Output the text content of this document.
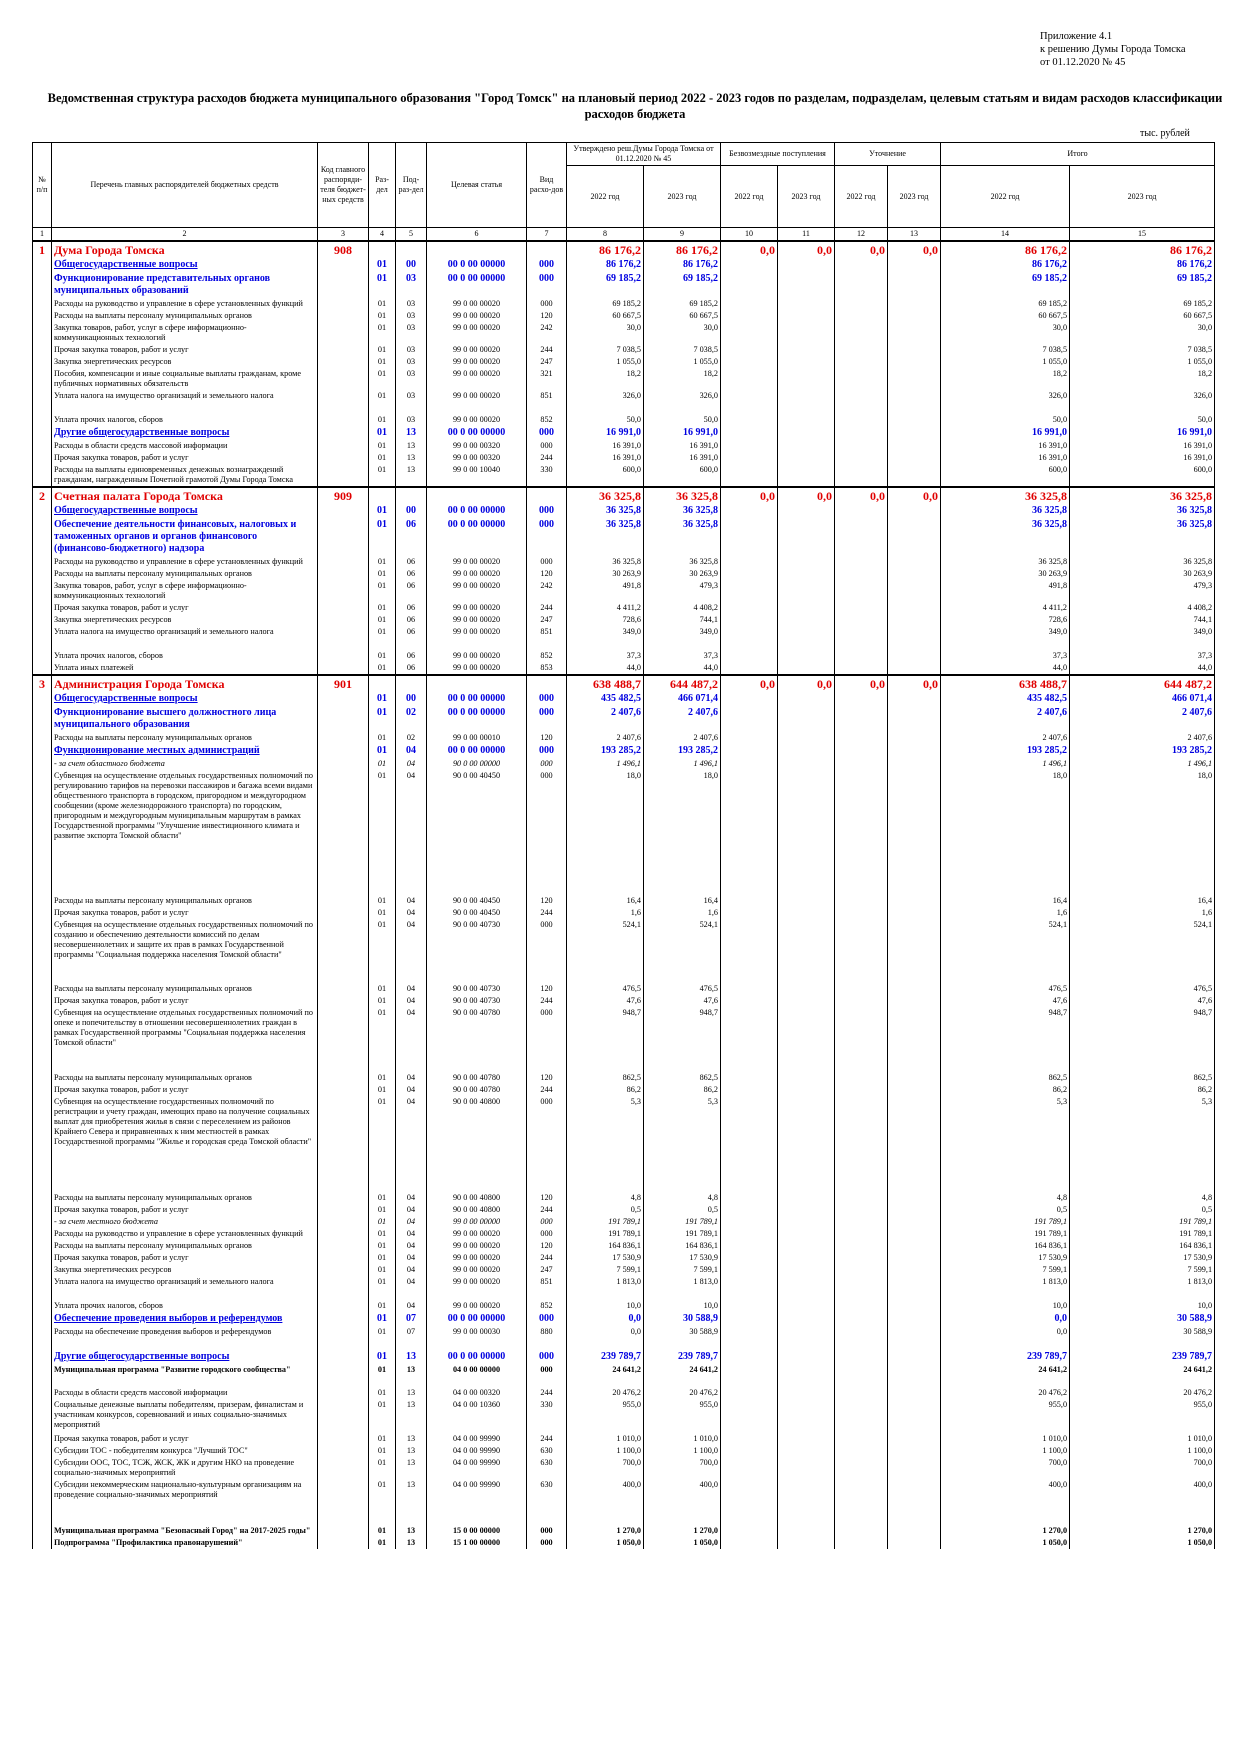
Приложение 4.1
к решению Думы Города Томска
от 01.12.2020 № 45
Ведомственная структура расходов бюджета муниципального образования "Город Томск" на плановый период 2022 - 2023 годов по разделам, подразделам, целевым статьям и видам расходов классификации расходов бюджета
тыс. рублей
№ п/п	Перечень главных распорядителей бюджетных средств	Код главного распоряди-теля бюджет-ных средств	Раз-дел	Под-раз-дел	Целевая статья	Вид расхо-дов	Утверждено реш.Думы Города Томска от 01.12.2020 № 45		Безвозмездные поступления		Уточнение		Итого	
							2022 год	2023 год	2022 год	2023 год	2022 год	2023 год	2022 год	2023 год
1	2	3	4	5	6	7	8	9	10	11	12	13	14	15
1	Дума Города Томска	908					86 176,2	86 176,2	0,0	0,0	0,0	0,0	86 176,2	86 176,2
	Общегосударственные вопросы		01	00	00 0 00 00000	000	86 176,2	86 176,2					86 176,2	86 176,2
	Функционирование представительных органов муниципальных образований		01	03	00 0 00 00000	000	69 185,2	69 185,2					69 185,2	69 185,2
	Расходы на руководство и управление в сфере установленных функций		01	03	99 0 00 00020	000	69 185,2	69 185,2					69 185,2	69 185,2
	Расходы на выплаты персоналу муниципальных органов		01	03	99 0 00 00020	120	60 667,5	60 667,5					60 667,5	60 667,5
	Закупка товаров, работ, услуг в сфере информационно-коммуникационных технологий		01	03	99 0 00 00020	242	30,0	30,0					30,0	30,0
	Прочая закупка товаров, работ и услуг		01	03	99 0 00 00020	244	7 038,5	7 038,5					7 038,5	7 038,5
	Закупка энергетических ресурсов		01	03	99 0 00 00020	247	1 055,0	1 055,0					1 055,0	1 055,0
	Пособия, компенсации и иные социальные выплаты гражданам, кроме публичных нормативных обязательств		01	03	99 0 00 00020	321	18,2	18,2					18,2	18,2
	Уплата налога на имущество организаций и земельного налога		01	03	99 0 00 00020	851	326,0	326,0					326,0	326,0
	Уплата прочих налогов, сборов		01	03	99 0 00 00020	852	50,0	50,0					50,0	50,0
	Другие общегосударственные вопросы		01	13	00 0 00 00000	000	16 991,0	16 991,0					16 991,0	16 991,0
	Расходы в области средств массовой информации		01	13	99 0 00 00320	000	16 391,0	16 391,0					16 391,0	16 391,0
	Прочая закупка товаров, работ и услуг		01	13	99 0 00 00320	244	16 391,0	16 391,0					16 391,0	16 391,0
	Расходы на выплаты единовременных денежных вознаграждений гражданам, награжденным Почетной грамотой Думы Города Томска		01	13	99 0 00 10040	330	600,0	600,0					600,0	600,0
2	Счетная палата Города Томска	909					36 325,8	36 325,8	0,0	0,0	0,0	0,0	36 325,8	36 325,8
	Общегосударственные вопросы		01	00	00 0 00 00000	000	36 325,8	36 325,8					36 325,8	36 325,8
	Обеспечение деятельности финансовых, налоговых и таможенных органов и органов финансового (финансово-бюджетного) надзора		01	06	00 0 00 00000	000	36 325,8	36 325,8					36 325,8	36 325,8
	Расходы на руководство и управление в сфере установленных функций		01	06	99 0 00 00020	000	36 325,8	36 325,8					36 325,8	36 325,8
	Расходы на выплаты персоналу муниципальных органов		01	06	99 0 00 00020	120	30 263,9	30 263,9					30 263,9	30 263,9
	Закупка товаров, работ, услуг в сфере информационно-коммуникационных технологий		01	06	99 0 00 00020	242	491,8	479,3					491,8	479,3
	Прочая закупка товаров, работ и услуг		01	06	99 0 00 00020	244	4 411,2	4 408,2					4 411,2	4 408,2
	Закупка энергетических ресурсов		01	06	99 0 00 00020	247	728,6	744,1					728,6	744,1
	Уплата налога на имущество организаций и земельного налога		01	06	99 0 00 00020	851	349,0	349,0					349,0	349,0
	Уплата прочих налогов, сборов		01	06	99 0 00 00020	852	37,3	37,3					37,3	37,3
	Уплата иных платежей		01	06	99 0 00 00020	853	44,0	44,0					44,0	44,0
3	Администрация Города Томска	901					638 488,7	644 487,2	0,0	0,0	0,0	0,0	638 488,7	644 487,2
	Общегосударственные вопросы		01	00	00 0 00 00000	000	435 482,5	466 071,4					435 482,5	466 071,4
	Функционирование высшего должностного лица муниципального образования		01	02	00 0 00 00000	000	2 407,6	2 407,6					2 407,6	2 407,6
	Расходы на выплаты персоналу муниципальных органов		01	02	99 0 00 00010	120	2 407,6	2 407,6					2 407,6	2 407,6
	Функционирование местных администраций		01	04	00 0 00 00000	000	193 285,2	193 285,2					193 285,2	193 285,2
	- за счет областного бюджета		01	04	90 0 00 00000	000	1 496,1	1 496,1					1 496,1	1 496,1
	Субвенция на осуществление отдельных государственных полномочий по регулированию тарифов на перевозки пассажиров и багажа всеми видами общественного транспорта в городском, пригородном и междугородном сообщении (кроме железнодорожного транспорта) по городским, пригородным и междугородным муниципальным маршрутам в рамках Государственной программы "Улучшение инвестиционного климата и развитие экспорта Томской области"		01	04	90 0 00 40450	000	18,0	18,0					18,0	18,0
	Расходы на выплаты персоналу муниципальных органов		01	04	90 0 00 40450	120	16,4	16,4					16,4	16,4
	Прочая закупка товаров, работ и услуг		01	04	90 0 00 40450	244	1,6	1,6					1,6	1,6
	Субвенция на осуществление отдельных государственных полномочий по созданию и обеспечению деятельности комиссий по делам несовершеннолетних и защите их прав в рамках Государственной программы "Социальная поддержка населения Томской области"		01	04	90 0 00 40730	000	524,1	524,1					524,1	524,1
	Расходы на выплаты персоналу муниципальных органов		01	04	90 0 00 40730	120	476,5	476,5					476,5	476,5
	Прочая закупка товаров, работ и услуг		01	04	90 0 00 40730	244	47,6	47,6					47,6	47,6
	Субвенция на осуществление отдельных государственных полномочий по опеке и попечительству в отношении несовершеннолетних граждан в рамках Государственной программы "Социальная поддержка населения Томской области"		01	04	90 0 00 40780	000	948,7	948,7					948,7	948,7
	Расходы на выплаты персоналу муниципальных органов		01	04	90 0 00 40780	120	862,5	862,5					862,5	862,5
	Прочая закупка товаров, работ и услуг		01	04	90 0 00 40780	244	86,2	86,2					86,2	86,2
	Субвенция на осуществление государственных полномочий по регистрации и учету граждан, имеющих право на получение социальных выплат для приобретения жилья в связи с переселением из районов Крайнего Севера и приравненных к ним местностей в рамках Государственной программы "Жилье и городская среда Томской области"		01	04	90 0 00 40800	000	5,3	5,3					5,3	5,3
	Расходы на выплаты персоналу муниципальных органов		01	04	90 0 00 40800	120	4,8	4,8					4,8	4,8
	Прочая закупка товаров, работ и услуг		01	04	90 0 00 40800	244	0,5	0,5					0,5	0,5
	- за счет местного бюджета		01	04	99 0 00 00000	000	191 789,1	191 789,1					191 789,1	191 789,1
	Расходы на руководство и управление в сфере установленных функций		01	04	99 0 00 00020	000	191 789,1	191 789,1					191 789,1	191 789,1
	Расходы на выплаты персоналу муниципальных органов		01	04	99 0 00 00020	120	164 836,1	164 836,1					164 836,1	164 836,1
	Прочая закупка товаров, работ и услуг		01	04	99 0 00 00020	244	17 530,9	17 530,9					17 530,9	17 530,9
	Закупка энергетических ресурсов		01	04	99 0 00 00020	247	7 599,1	7 599,1					7 599,1	7 599,1
	Уплата налога на имущество организаций и земельного налога		01	04	99 0 00 00020	851	1 813,0	1 813,0					1 813,0	1 813,0
	Уплата прочих налогов, сборов		01	04	99 0 00 00020	852	10,0	10,0					10,0	10,0
	Обеспечение проведения выборов и референдумов		01	07	00 0 00 00000	000	0,0	30 588,9					0,0	30 588,9
	Расходы на обеспечение проведения выборов и референдумов		01	07	99 0 00 00030	880	0,0	30 588,9					0,0	30 588,9
	Другие общегосударственные вопросы		01	13	00 0 00 00000	000	239 789,7	239 789,7					239 789,7	239 789,7
	Муниципальная программа "Развитие городского сообщества"		01	13	04 0 00 00000	000	24 641,2	24 641,2					24 641,2	24 641,2
	Расходы в области средств массовой информации		01	13	04 0 00 00320	244	20 476,2	20 476,2					20 476,2	20 476,2
	Социальные денежные выплаты победителям, призерам, финалистам и участникам конкурсов, соревнований и иных социально-значимых мероприятий		01	13	04 0 00 10360	330	955,0	955,0					955,0	955,0
	Прочая закупка товаров, работ и услуг		01	13	04 0 00 99990	244	1 010,0	1 010,0					1 010,0	1 010,0
	Субсидии ТОС - победителям конкурса "Лучший ТОС"		01	13	04 0 00 99990	630	1 100,0	1 100,0					1 100,0	1 100,0
	Субсидии ООС, ТОС, ТСЖ, ЖСК, ЖК и другим НКО на проведение социально-значимых мероприятий		01	13	04 0 00 99990	630	700,0	700,0					700,0	700,0
	Субсидии некоммерческим национально-культурным организациям на проведение социально-значимых мероприятий		01	13	04 0 00 99990	630	400,0	400,0					400,0	400,0
	Муниципальная программа "Безопасный Город" на 2017-2025 годы"		01	13	15 0 00 00000	000	1 270,0	1 270,0					1 270,0	1 270,0
	Подпрограмма "Профилактика правонарушений"		01	13	15 1 00 00000	000	1 050,0	1 050,0					1 050,0	1 050,0
